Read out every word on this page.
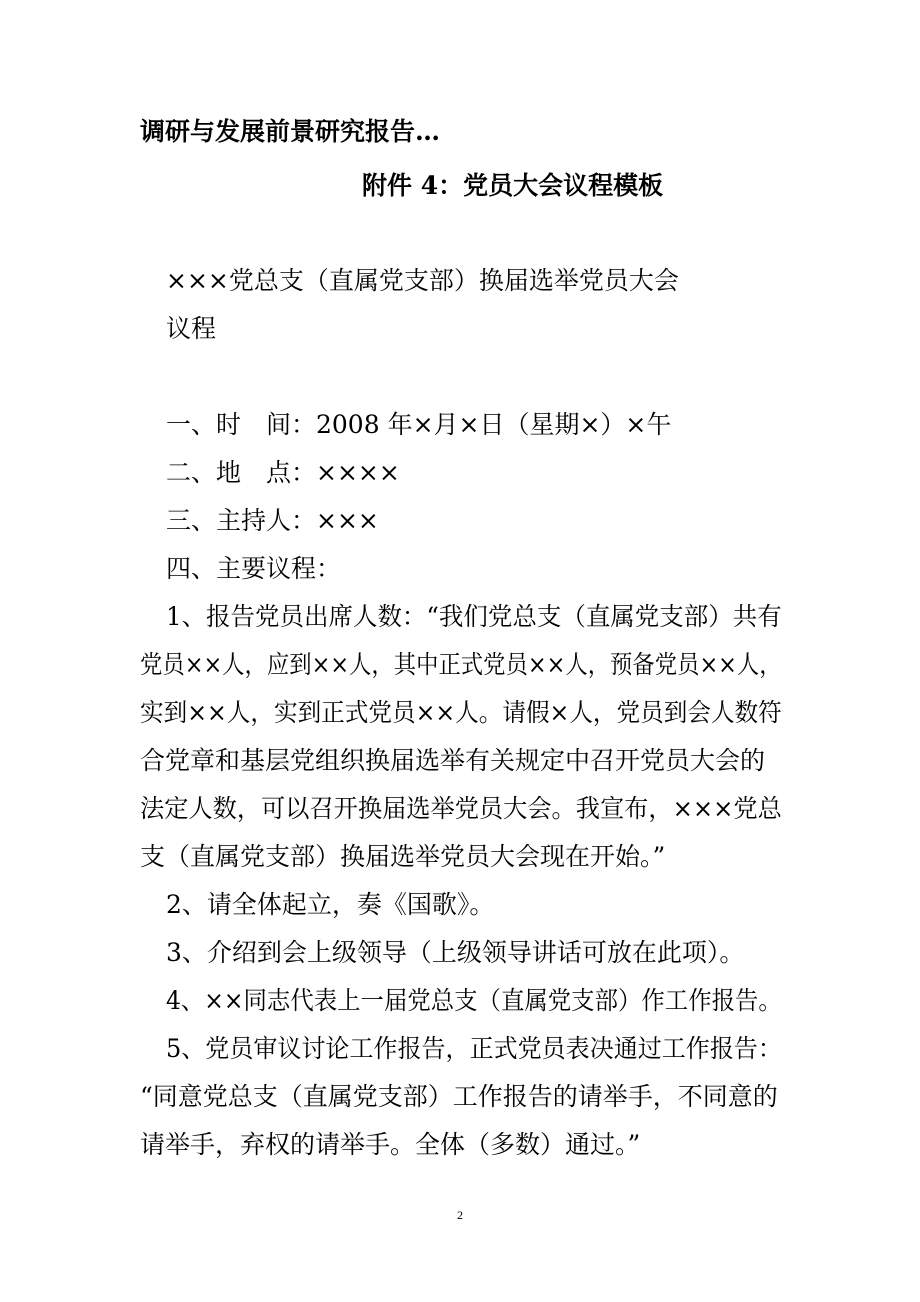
调研与发展前景研究报告…
附件 4：党员大会议程模板
×××党总支（直属党支部）换届选举党员大会
议程
一、时　间：2008 年×月×日（星期×）×午
二、地　点：××××
三、主持人：×××
四、主要议程：
1、报告党员出席人数：“我们党总支（直属党支部）共有
党员××人，应到××人，其中正式党员××人，预备党员××人，
实到××人，实到正式党员××人。请假×人，党员到会人数符
合党章和基层党组织换届选举有关规定中召开党员大会的
法定人数，可以召开换届选举党员大会。我宣布，×××党总
支（直属党支部）换届选举党员大会现在开始。”
2、请全体起立，奏《国歌》。
3、介绍到会上级领导（上级领导讲话可放在此项）。
4、××同志代表上一届党总支（直属党支部）作工作报告。
5、党员审议讨论工作报告，正式党员表决通过工作报告：
“同意党总支（直属党支部）工作报告的请举手，不同意的
请举手，弃权的请举手。全体（多数）通过。”
2
